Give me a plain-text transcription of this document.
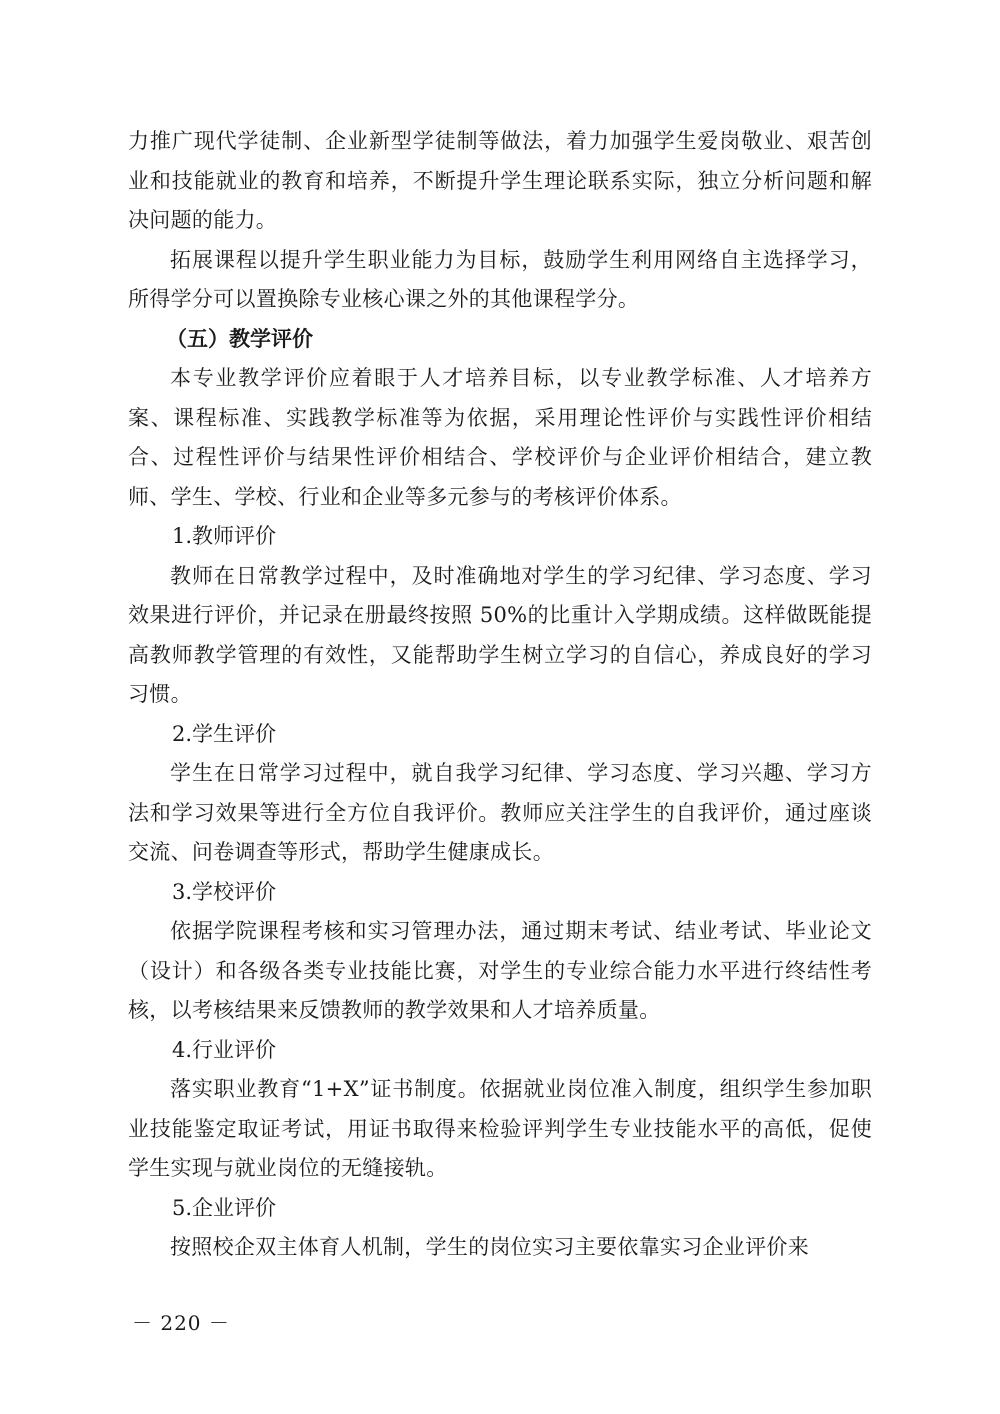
力推广现代学徒制、企业新型学徒制等做法，着力加强学生爱岗敬业、艰苦创业和技能就业的教育和培养，不断提升学生理论联系实际，独立分析问题和解决问题的能力。

拓展课程以提升学生职业能力为目标，鼓励学生利用网络自主选择学习，所得学分可以置换除专业核心课之外的其他课程学分。

（五）教学评价

本专业教学评价应着眼于人才培养目标，以专业教学标准、人才培养方案、课程标准、实践教学标准等为依据，采用理论性评价与实践性评价相结合、过程性评价与结果性评价相结合、学校评价与企业评价相结合，建立教师、学生、学校、行业和企业等多元参与的考核评价体系。

1.教师评价

教师在日常教学过程中，及时准确地对学生的学习纪律、学习态度、学习效果进行评价，并记录在册最终按照 50%的比重计入学期成绩。这样做既能提高教师教学管理的有效性，又能帮助学生树立学习的自信心，养成良好的学习习惯。

2.学生评价

学生在日常学习过程中，就自我学习纪律、学习态度、学习兴趣、学习方法和学习效果等进行全方位自我评价。教师应关注学生的自我评价，通过座谈交流、问卷调查等形式，帮助学生健康成长。

3.学校评价

依据学院课程考核和实习管理办法，通过期末考试、结业考试、毕业论文（设计）和各级各类专业技能比赛，对学生的专业综合能力水平进行终结性考核，以考核结果来反馈教师的教学效果和人才培养质量。

4.行业评价

落实职业教育“1+X”证书制度。依据就业岗位准入制度，组织学生参加职业技能鉴定取证考试，用证书取得来检验评判学生专业技能水平的高低，促使学生实现与就业岗位的无缝接轨。

5.企业评价

按照校企双主体育人机制，学生的岗位实习主要依靠实习企业评价来

－ 220 －
